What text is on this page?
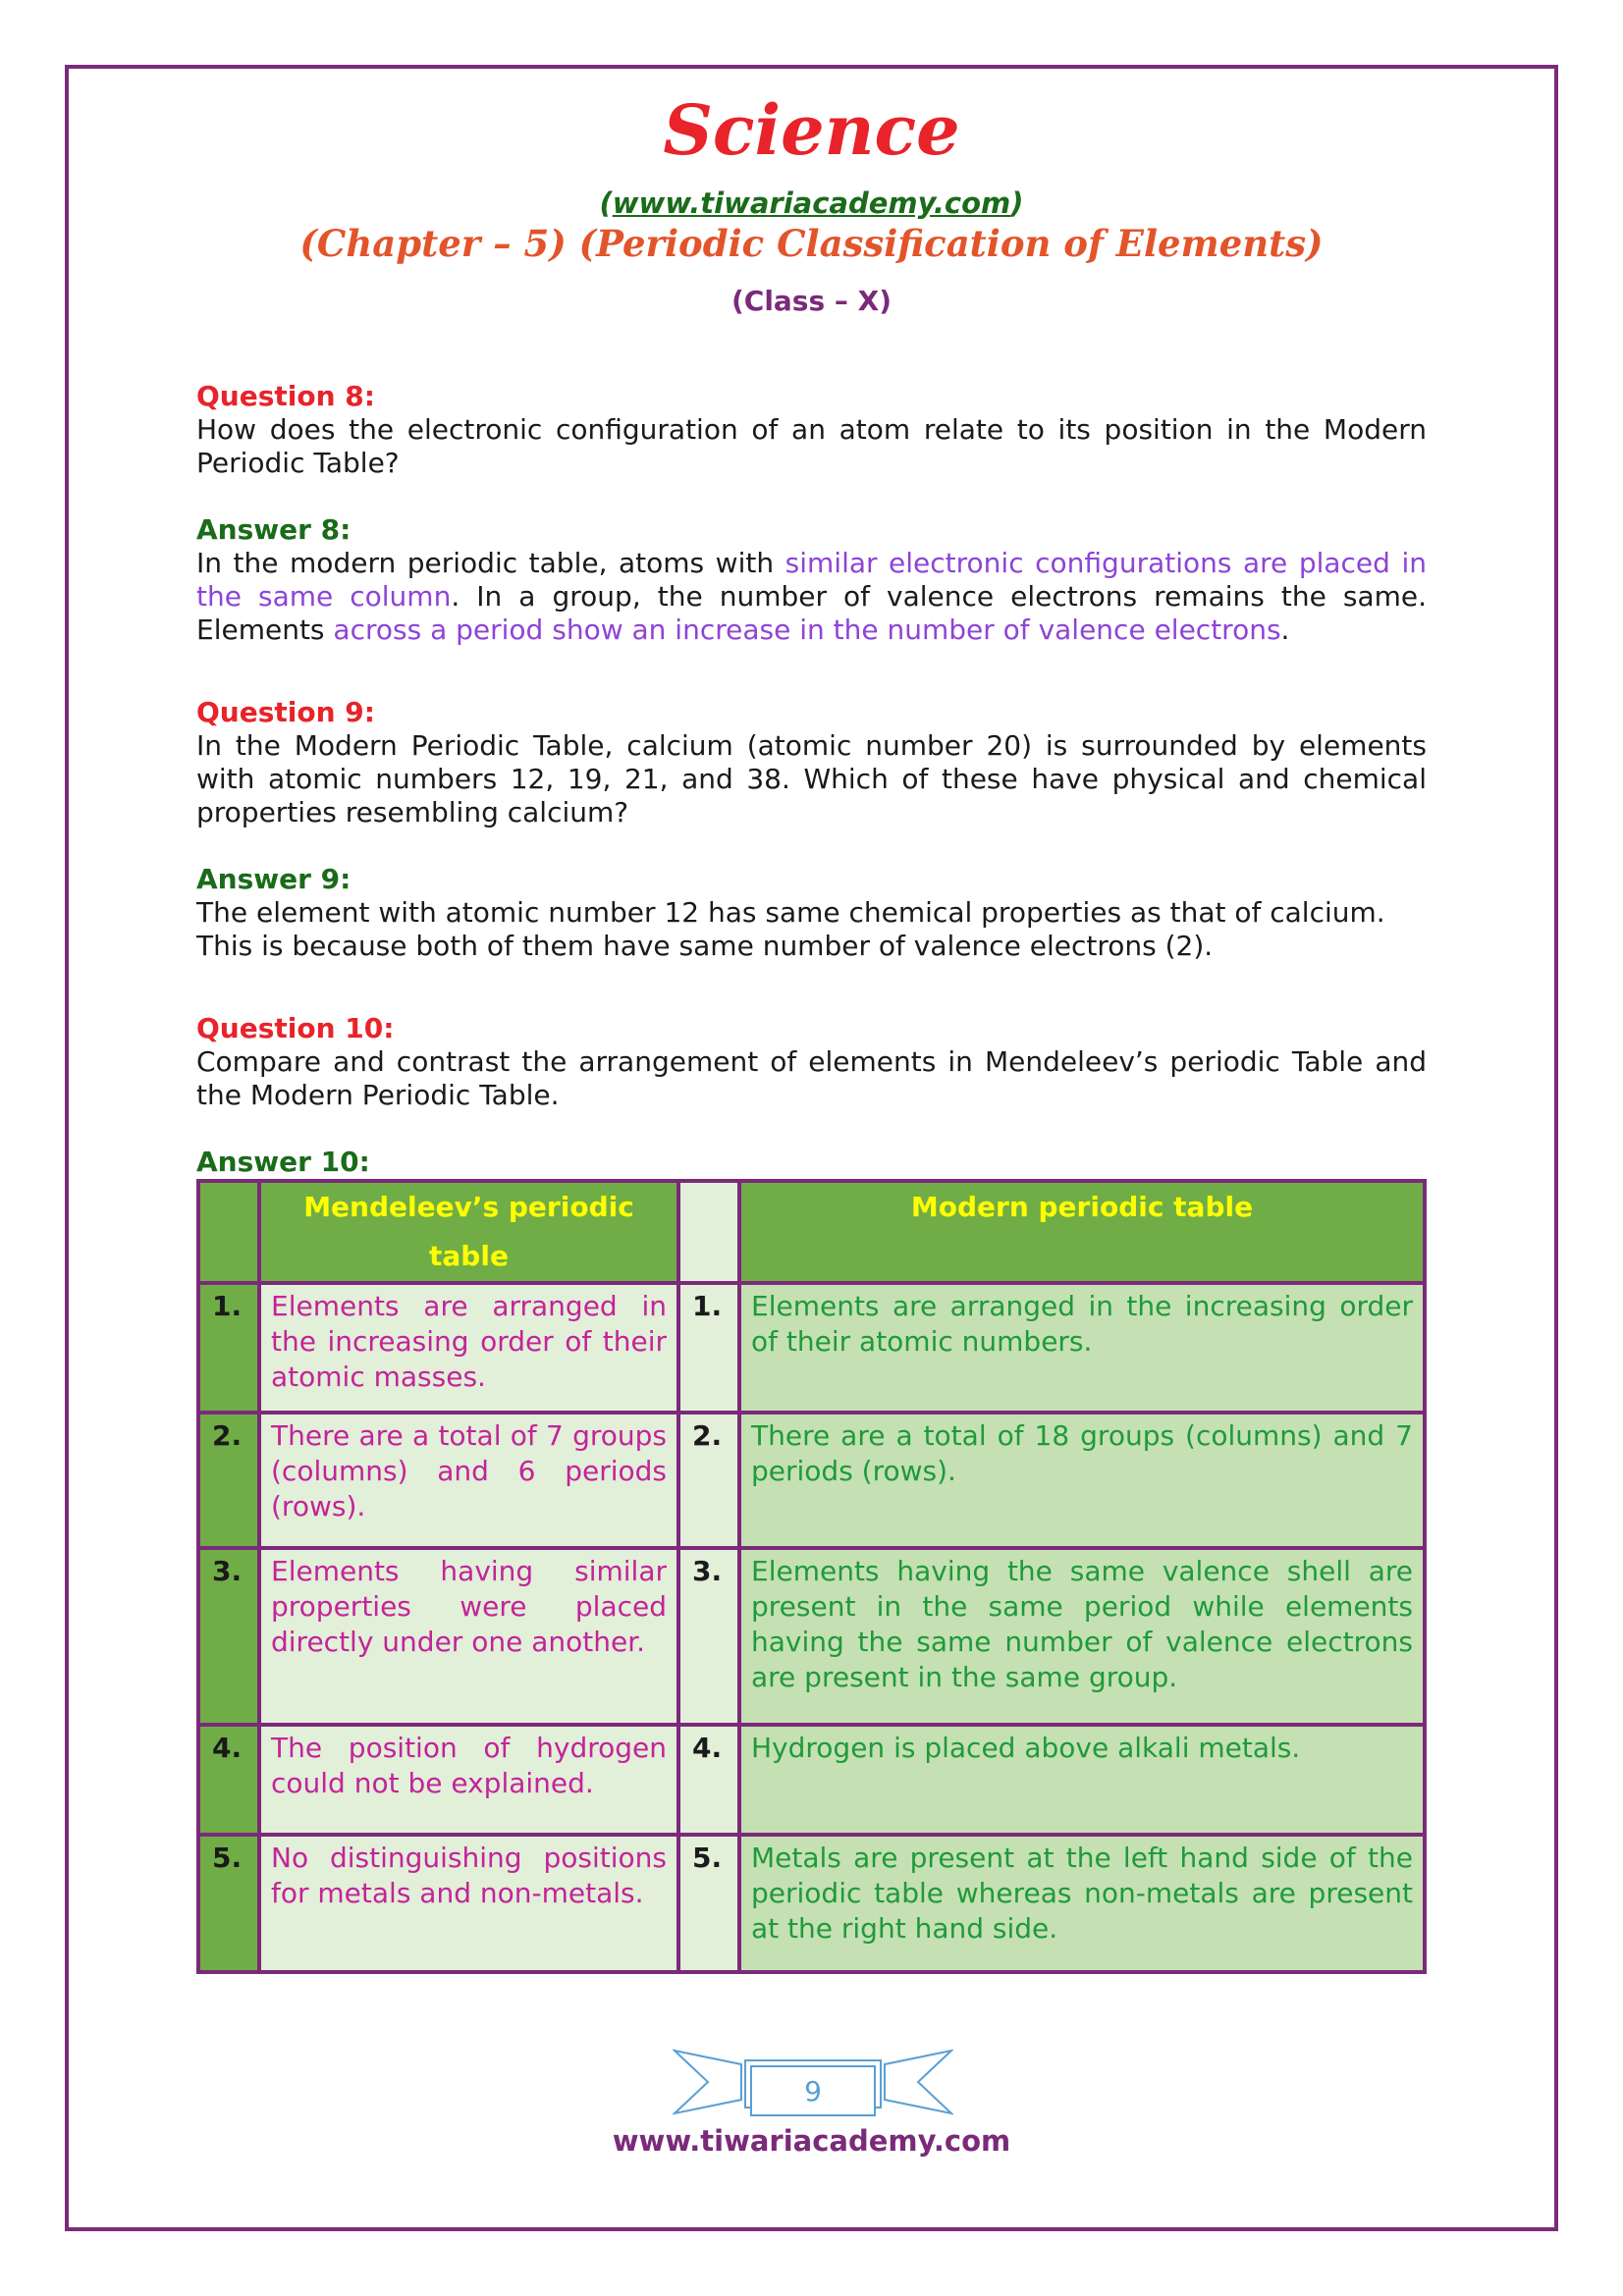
Science
(www.tiwariacademy.com)
(Chapter – 5) (Periodic Classification of Elements)
(Class – X)

Question 8:

How does the electronic configuration of an atom relate to its position in the Modern Periodic Table?

Answer 8:

In the modern periodic table, atoms with similar electronic configurations are placed in the same column. In a group, the number of valence electrons remains the same. Elements across a period show an increase in the number of valence electrons.

Question 9:

In the Modern Periodic Table, calcium (atomic number 20) is surrounded by elements with atomic numbers 12, 19, 21, and 38. Which of these have physical and chemical properties resembling calcium?

Answer 9:

The element with atomic number 12 has same chemical properties as that of calcium.

This is because both of them have same number of valence electrons (2).

Question 10:

Compare and contrast the arrangement of elements in Mendeleev’s periodic Table and the Modern Periodic Table.

Answer 10:

	Mendeleev’s periodic table		Modern periodic table
1.	Elements are arranged in the increasing order of their atomic masses.	1.	Elements are arranged in the increasing order of their atomic numbers.
2.	There are a total of 7 groups (columns) and 6 periods (rows).	2.	There are a total of 18 groups (columns) and 7 periods (rows).
3.	Elements having similar properties were placed directly under one another.	3.	Elements having the same valence shell are present in the same period while elements having the same number of valence electrons are present in the same group.
4.	The position of hydrogen could not be explained.	4.	Hydrogen is placed above alkali metals.
5.	No distinguishing positions for metals and non-metals.	5.	Metals are present at the left hand side of the periodic table whereas non-metals are present at the right hand side.
9
www.tiwariacademy.com
